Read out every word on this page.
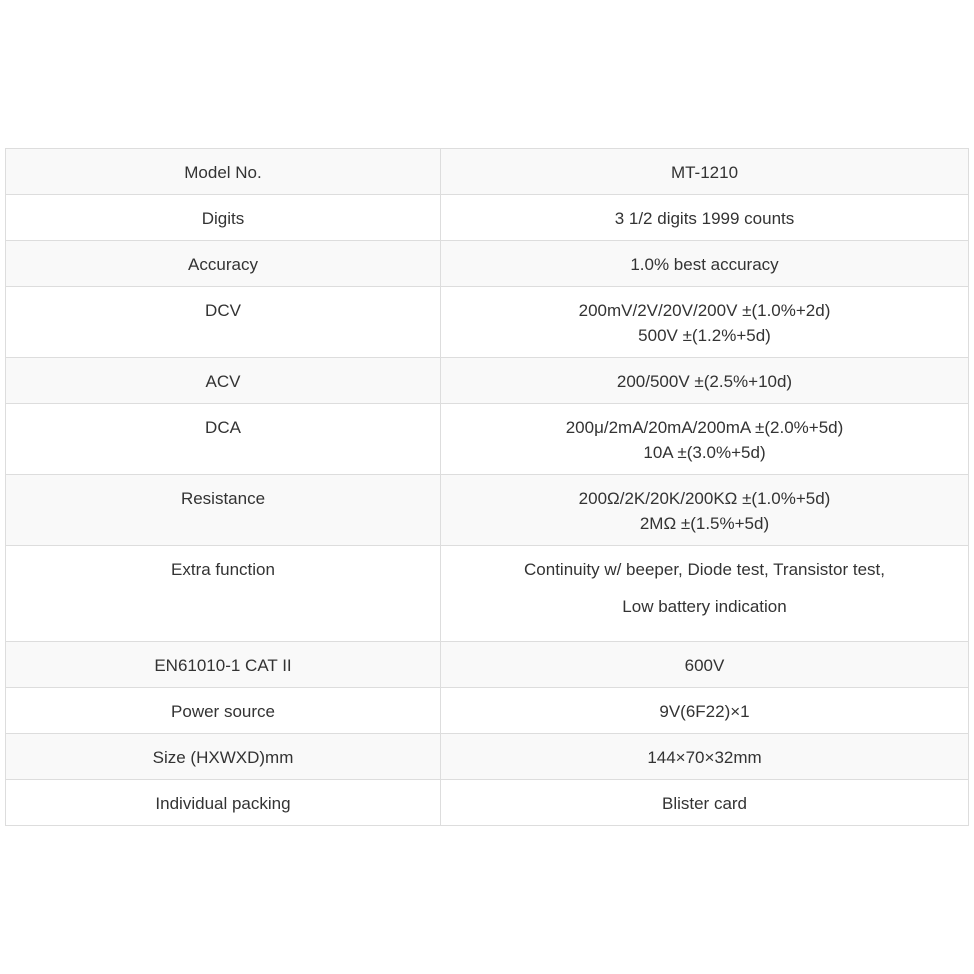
Model No.	MT-1210

Digits	3 1/2 digits 1999 counts

Accuracy	1.0% best accuracy

DCV	200mV/2V/20V/200V ±(1.0%+2d)
500V ±(1.2%+5d)

ACV	200/500V ±(2.5%+10d)

DCA	200μ/2mA/20mA/200mA ±(2.0%+5d)
10A ±(3.0%+5d)

Resistance	200Ω/2K/20K/200KΩ ±(1.0%+5d)
2MΩ ±(1.5%+5d)

Extra function	Continuity w/ beeper, Diode test, Transistor test,
Low battery indication

EN61010-1 CAT II	600V

Power source	9V(6F22)×1

Size (HXWXD)mm	144×70×32mm

Individual packing	Blister card
